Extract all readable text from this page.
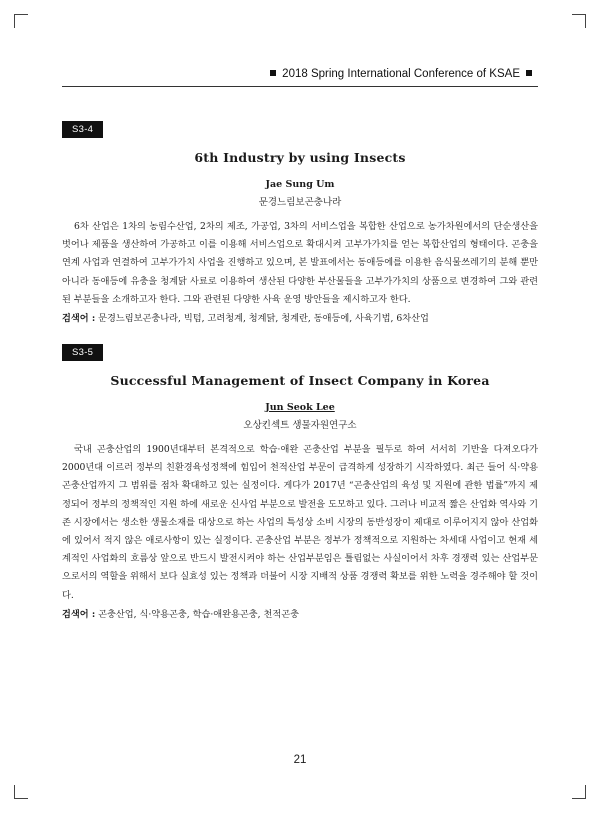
2018 Spring International Conference of KSAE
S3-4
6th Industry by using Insects
Jae Sung Um
문경느림보곤충나라
6차 산업은 1차의 농림수산업, 2차의 제조, 가공업, 3차의 서비스업을 복합한 산업으로 농가차원에서의 단순생산을 벗어나 제품을 생산하여 가공하고 이를 이용해 서비스업으로 확대시켜 고부가가치를 얻는 복합산업의 형태이다. 곤충을 연계 사업과 연결하여 고부가가치 사업을 진행하고 있으며, 본 발표에서는 동애등에를 이용한 음식물쓰레기의 분해 뿐만 아니라 동애등에 유충을 청계닭 사료로 이용하여 생산된 다양한 부산물들을 고부가가치의 상품으로 변경하여 그와 관련된 부분들을 소개하고자 한다. 그와 관련된 다양한 사육 운영 방안들을 제시하고자 한다.
검색어 : 문경느림보곤충나라, 빅텀, 고려청계, 청계닭, 청계란, 동애등에, 사육기법, 6차산업
S3-5
Successful Management of Insect Company in Korea
Jun Seok Lee
오상킨섹트 생물자원연구소
국내 곤충산업의 1900년대부터 본격적으로 학습·애완 곤충산업 부분을 필두로 하여 서서히 기반을 다져오다가 2000년대 이르러 정부의 친환경육성정책에 힘입어 천적산업 부문이 급격하게 성장하기 시작하였다. 최근 들어 식·약용 곤충산업까지 그 범위를 점차 확대하고 있는 실정이다. 게다가 2017년 “곤충산업의 육성 및 지원에 관한 법률”까지 제정되어 정부의 정책적인 지원 하에 새로운 신사업 부분으로 발전을 도모하고 있다. 그러나 비교적 짧은 산업화 역사와 기존 시장에서는 생소한 생물소재를 대상으로 하는 사업의 특성상 소비 시장의 동반성장이 제대로 이루어지지 않아 산업화에 있어서 적지 않은 애로사항이 있는 실정이다. 곤충산업 부분은 정부가 정책적으로 지원하는 차세대 사업이고 현재 세계적인 사업화의 흐름상 앞으로 반드시 발전시켜야 하는 산업부분임은 틀림없는 사실이어서 차후 경쟁력 있는 산업부문으로서의 역할을 위해서 보다 실효성 있는 정책과 더불어 시장 지배적 상품 경쟁력 확보를 위한 노력을 경주해야 할 것이다.
검색어 : 곤충산업, 식·약용곤충, 학습·애완용곤충, 천적곤충
21
